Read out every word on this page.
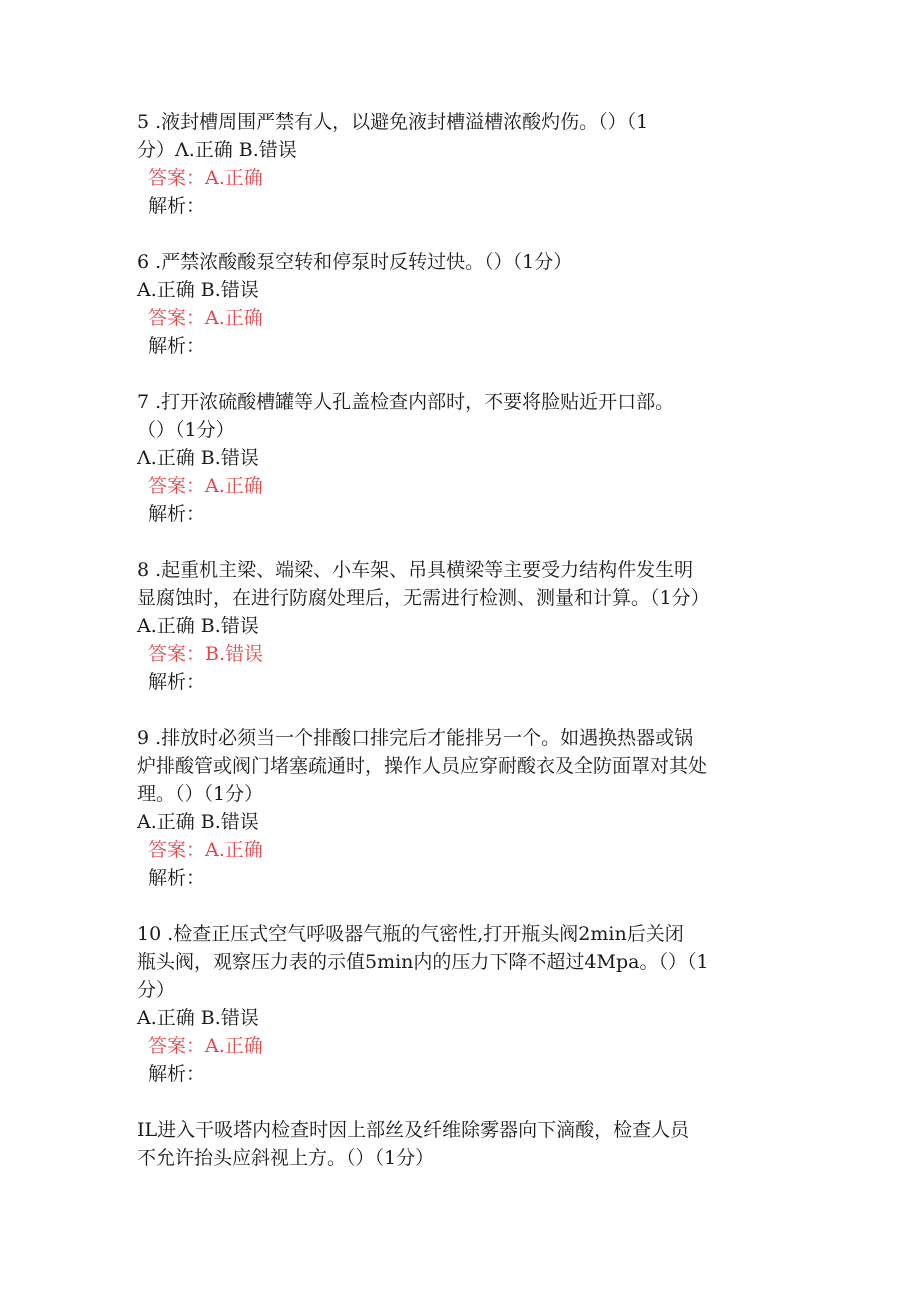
5 .液封槽周围严禁有人，以避免液封槽溢槽浓酸灼伤。（）（1
分）Λ.正确 B.错误

答案：A.正确

解析：

6 .严禁浓酸酸泵空转和停泵时反转过快。（）（1分）

A.正确 B.错误

答案：A.正确

解析：

7 .打开浓硫酸槽罐等人孔盖检查内部时，不要将脸贴近开口部。
（）（1分）

Λ.正确 B.错误

答案：A.正确

解析：

8 .起重机主梁、端梁、小车架、吊具横梁等主要受力结构件发生明
显腐蚀时，在进行防腐处理后，无需进行检测、测量和计算。（1分）

A.正确 B.错误

答案：B.错误

解析：

9 .排放时必须当一个排酸口排完后才能排另一个。如遇换热器或锅
炉排酸管或阀门堵塞疏通时，操作人员应穿耐酸衣及全防面罩对其处
理。（）（1分）

A.正确 B.错误

答案：A.正确

解析：

10 .检查正压式空气呼吸器气瓶的气密性,打开瓶头阀2min后关闭
瓶头阀，观察压力表的示值5min内的压力下降不超过4Mpa。（）（1
分）

A.正确 B.错误

答案：A.正确

解析：

IL进入干吸塔内检查时因上部丝及纤维除雾器向下滴酸，检查人员
不允许抬头应斜视上方。（）（1分）
